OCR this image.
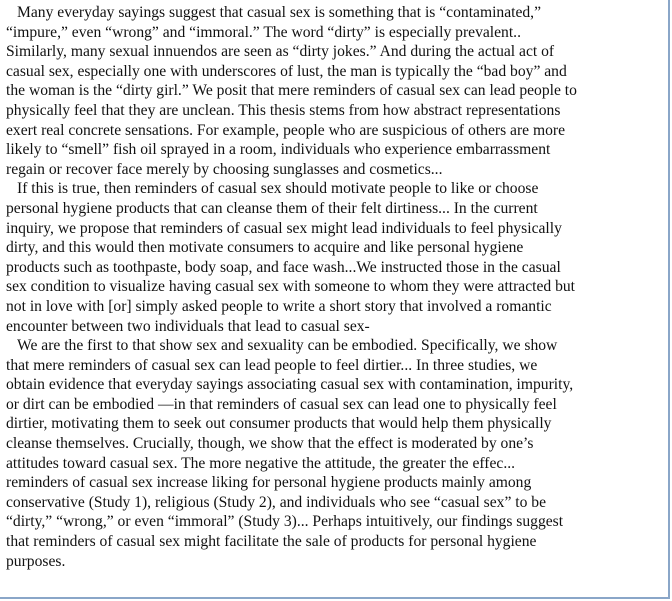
Many everyday sayings suggest that casual sex is something that is “contaminated,”
“impure,” even “wrong” and “immoral.” The word “dirty” is especially prevalent..
Similarly, many sexual innuendos are seen as “dirty jokes.” And during the actual act of
casual sex, especially one with underscores of lust, the man is typically the “bad boy” and
the woman is the “dirty girl.” We posit that mere reminders of casual sex can lead people to
physically feel that they are unclean. This thesis stems from how abstract representations
exert real concrete sensations. For example, people who are suspicious of others are more
likely to “smell” fish oil sprayed in a room, individuals who experience embarrassment
regain or recover face merely by choosing sunglasses and cosmetics...
If this is true, then reminders of casual sex should motivate people to like or choose
personal hygiene products that can cleanse them of their felt dirtiness... In the current
inquiry, we propose that reminders of casual sex might lead individuals to feel physically
dirty, and this would then motivate consumers to acquire and like personal hygiene
products such as toothpaste, body soap, and face wash...We instructed those in the casual
sex condition to visualize having casual sex with someone to whom they were attracted but
not in love with [or] simply asked people to write a short story that involved a romantic
encounter between two individuals that lead to casual sex-
We are the first to that show sex and sexuality can be embodied. Specifically, we show
that mere reminders of casual sex can lead people to feel dirtier... In three studies, we
obtain evidence that everyday sayings associating casual sex with contamination, impurity,
or dirt can be embodied —in that reminders of casual sex can lead one to physically feel
dirtier, motivating them to seek out consumer products that would help them physically
cleanse themselves. Crucially, though, we show that the effect is moderated by one’s
attitudes toward casual sex. The more negative the attitude, the greater the effec...
reminders of casual sex increase liking for personal hygiene products mainly among
conservative (Study 1), religious (Study 2), and individuals who see “casual sex” to be
“dirty,” “wrong,” or even “immoral” (Study 3)... Perhaps intuitively, our findings suggest
that reminders of casual sex might facilitate the sale of products for personal hygiene
purposes.
